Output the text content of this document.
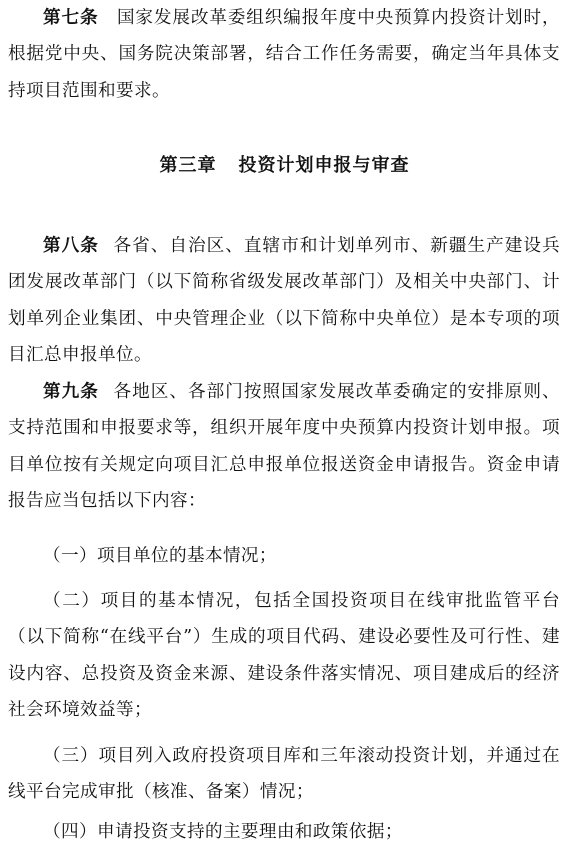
第七条 国家发展改革委组织编报年度中央预算内投资计划时，根据党中央、国务院决策部署，结合工作任务需要，确定当年具体支持项目范围和要求。

第三章 投资计划申报与审查

第八条 各省、自治区、直辖市和计划单列市、新疆生产建设兵团发展改革部门（以下简称省级发展改革部门）及相关中央部门、计划单列企业集团、中央管理企业（以下简称中央单位）是本专项的项目汇总申报单位。

第九条 各地区、各部门按照国家发展改革委确定的安排原则、支持范围和申报要求等，组织开展年度中央预算内投资计划申报。项目单位按有关规定向项目汇总申报单位报送资金申请报告。资金申请报告应当包括以下内容：

（一）项目单位的基本情况；

（二）项目的基本情况，包括全国投资项目在线审批监管平台（以下简称“在线平台”）生成的项目代码、建设必要性及可行性、建设内容、总投资及资金来源、建设条件落实情况、项目建成后的经济社会环境效益等；

（三）项目列入政府投资项目库和三年滚动投资计划，并通过在线平台完成审批（核准、备案）情况；

（四）申请投资支持的主要理由和政策依据；
